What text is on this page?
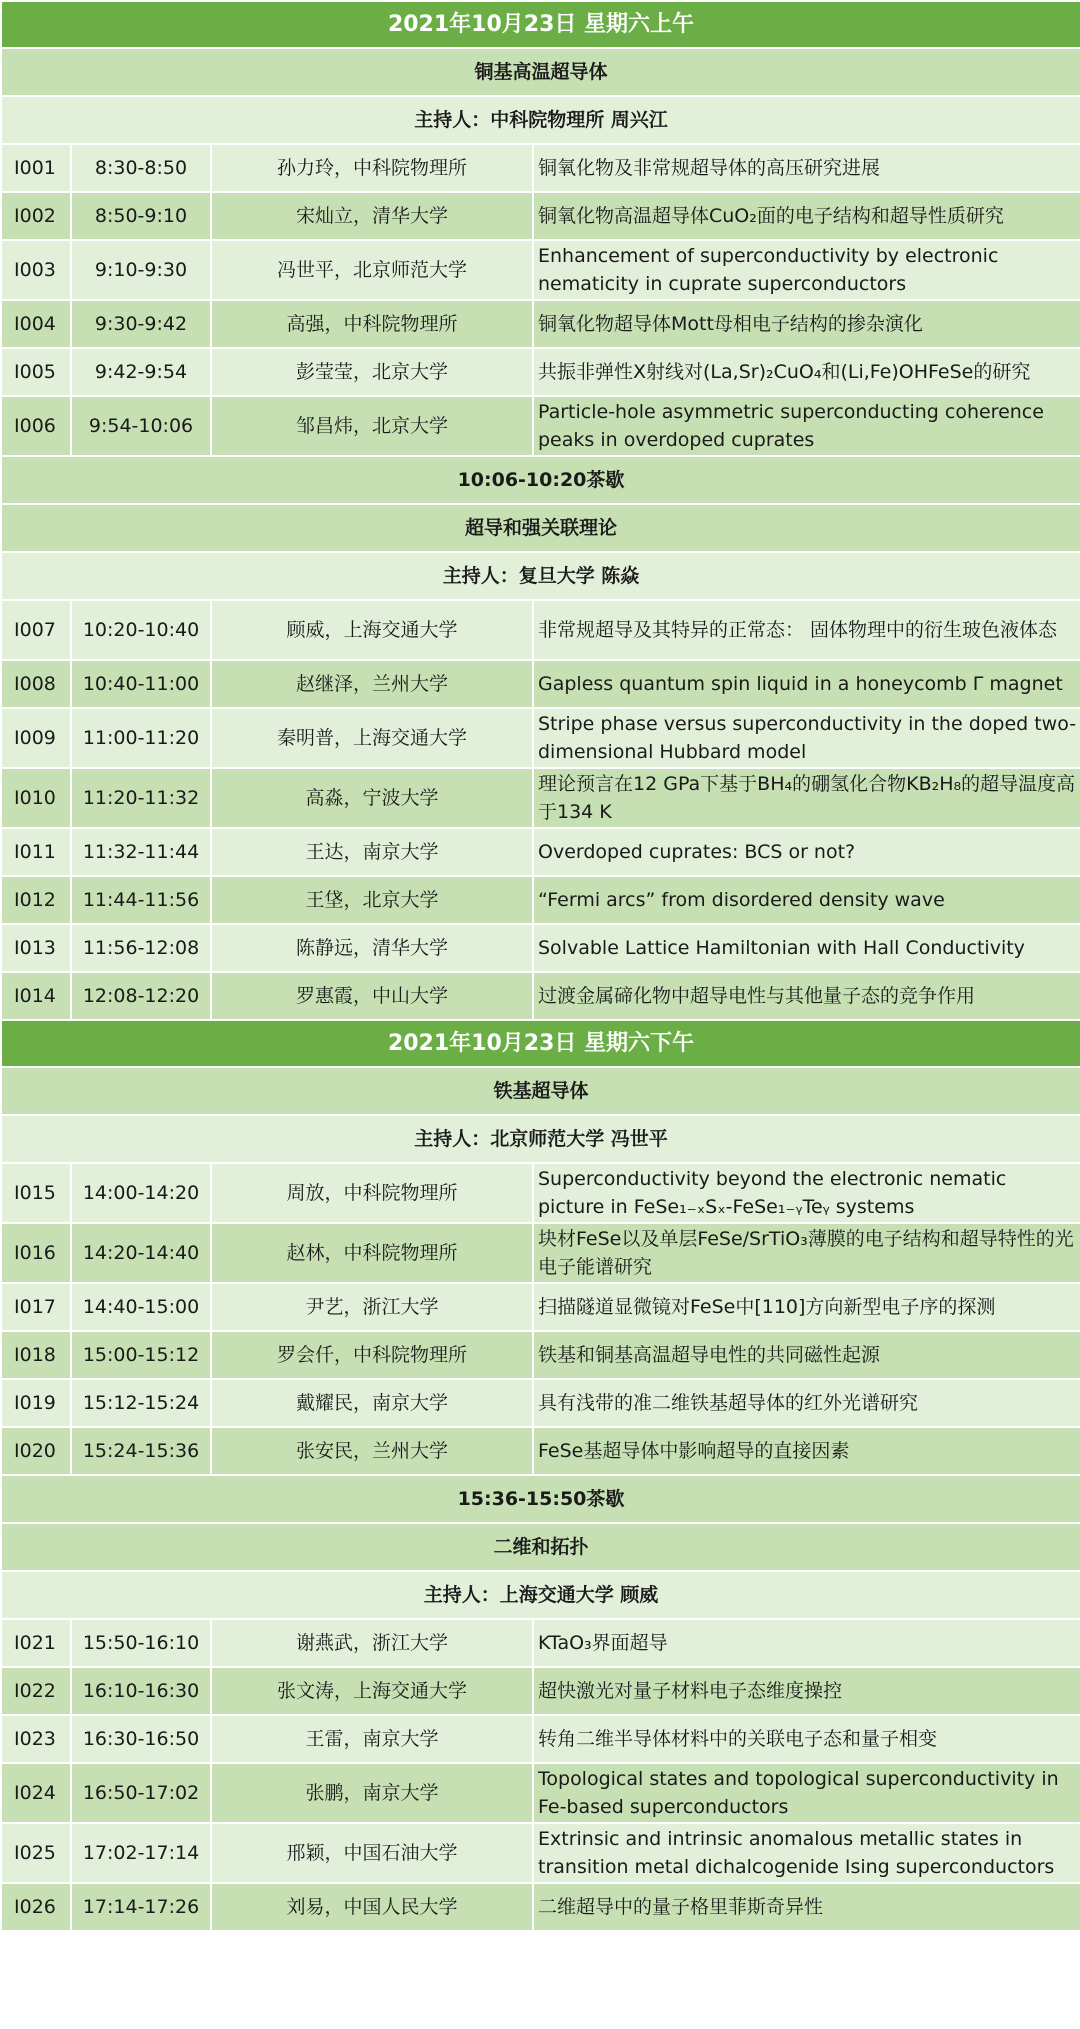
2021年10月23日 星期六上午			
铜基高温超导体			
主持人：中科院物理所 周兴江			
I001	8:30-8:50	孙力玲，中科院物理所	铜氧化物及非常规超导体的高压研究进展
I002	8:50-9:10	宋灿立，清华大学	铜氧化物高温超导体CuO₂面的电子结构和超导性质研究
I003	9:10-9:30	冯世平，北京师范大学	Enhancement of superconductivity by electronic nematicity in cuprate superconductors
I004	9:30-9:42	高强，中科院物理所	铜氧化物超导体Mott母相电子结构的掺杂演化
I005	9:42-9:54	彭莹莹，北京大学	共振非弹性X射线对(La,Sr)₂CuO₄和(Li,Fe)OHFeSe的研究
I006	9:54-10:06	邹昌炜，北京大学	Particle-hole asymmetric superconducting coherence peaks in overdoped cuprates
10:06-10:20茶歇			
超导和强关联理论			
主持人：复旦大学 陈焱			
I007	10:20-10:40	顾威，上海交通大学	非常规超导及其特异的正常态： 固体物理中的衍生玻色液体态
I008	10:40-11:00	赵继泽，兰州大学	Gapless quantum spin liquid in a honeycomb Γ magnet
I009	11:00-11:20	秦明普，上海交通大学	Stripe phase versus superconductivity in the doped two-dimensional Hubbard model
I010	11:20-11:32	高淼，宁波大学	理论预言在12 GPa下基于BH₄的硼氢化合物KB₂H₈的超导温度高于134 K
I011	11:32-11:44	王达，南京大学	Overdoped cuprates: BCS or not?
I012	11:44-11:56	王垡，北京大学	“Fermi arcs” from disordered density wave
I013	11:56-12:08	陈静远，清华大学	Solvable Lattice Hamiltonian with Hall Conductivity
I014	12:08-12:20	罗惠霞，中山大学	过渡金属碲化物中超导电性与其他量子态的竞争作用
2021年10月23日 星期六下午			
铁基超导体			
主持人：北京师范大学 冯世平			
I015	14:00-14:20	周放，中科院物理所	Superconductivity beyond the electronic nematic picture in FeSe₁₋ₓSₓ-FeSe₁₋ᵧTeᵧ systems
I016	14:20-14:40	赵林，中科院物理所	块材FeSe以及单层FeSe/SrTiO₃薄膜的电子结构和超导特性的光电子能谱研究
I017	14:40-15:00	尹艺，浙江大学	扫描隧道显微镜对FeSe中[110]方向新型电子序的探测
I018	15:00-15:12	罗会仟，中科院物理所	铁基和铜基高温超导电性的共同磁性起源
I019	15:12-15:24	戴耀民，南京大学	具有浅带的准二维铁基超导体的红外光谱研究
I020	15:24-15:36	张安民，兰州大学	FeSe基超导体中影响超导的直接因素
15:36-15:50茶歇			
二维和拓扑			
主持人：上海交通大学 顾威			
I021	15:50-16:10	谢燕武，浙江大学	KTaO₃界面超导
I022	16:10-16:30	张文涛，上海交通大学	超快激光对量子材料电子态维度操控
I023	16:30-16:50	王雷，南京大学	转角二维半导体材料中的关联电子态和量子相变
I024	16:50-17:02	张鹏，南京大学	Topological states and topological superconductivity in Fe-based superconductors
I025	17:02-17:14	邢颖，中国石油大学	Extrinsic and intrinsic anomalous metallic states in transition metal dichalcogenide Ising superconductors
I026	17:14-17:26	刘易，中国人民大学	二维超导中的量子格里菲斯奇异性
